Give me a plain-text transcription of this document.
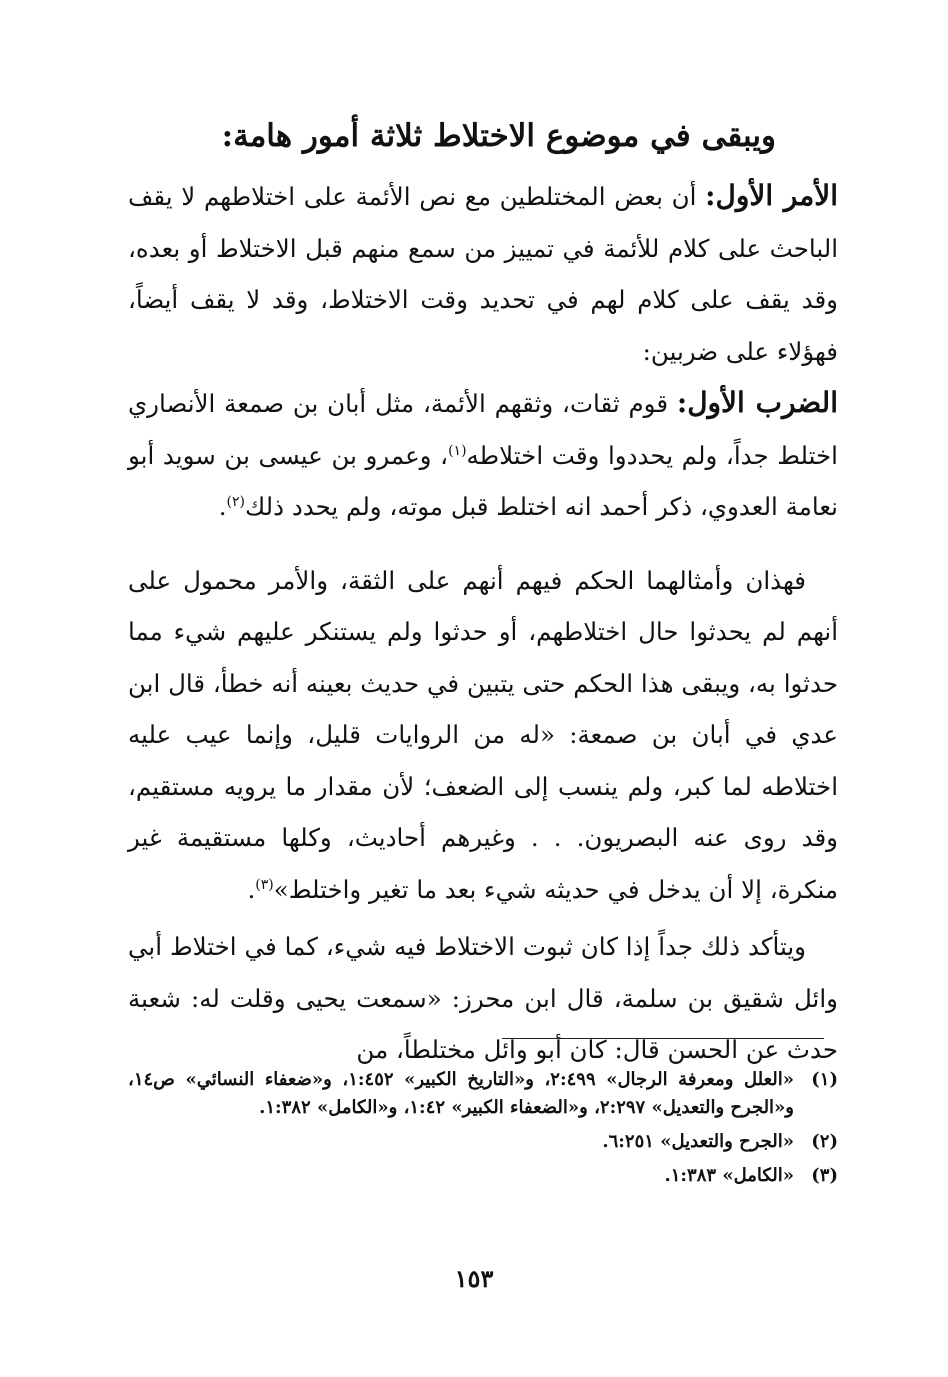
ويبقى في موضوع الاختلاط ثلاثة أمور هامة:

الأمر الأول: أن بعض المختلطين مع نص الأئمة على اختلاطهم لا يقف الباحث على كلام للأئمة في تمييز من سمع منهم قبل الاختلاط أو بعده، وقد يقف على كلام لهم في تحديد وقت الاختلاط، وقد لا يقف أيضاً، فهؤلاء على ضربين:

الضرب الأول: قوم ثقات، وثقهم الأئمة، مثل أبان بن صمعة الأنصاري اختلط جداً، ولم يحددوا وقت اختلاطه$^{(١)}$، وعمرو بن عيسى بن سويد أبو نعامة العدوي، ذكر أحمد انه اختلط قبل موته، ولم يحدد ذلك$^{(٢)}$.

فهذان وأمثالهما الحكم فيهم أنهم على الثقة، والأمر محمول على أنهم لم يحدثوا حال اختلاطهم، أو حدثوا ولم يستنكر عليهم شيء مما حدثوا به، ويبقى هذا الحكم حتى يتبين في حديث بعينه أنه خطأ، قال ابن عدي في أبان بن صمعة: «له من الروايات قليل، وإنما عيب عليه اختلاطه لما كبر، ولم ينسب إلى الضعف؛ لأن مقدار ما يرويه مستقيم، وقد روى عنه البصريون. . . وغيرهم أحاديث، وكلها مستقيمة غير منكرة، إلا أن يدخل في حديثه شيء بعد ما تغير واختلط»$^{(٣)}$.

ويتأكد ذلك جداً إذا كان ثبوت الاختلاط فيه شيء، كما في اختلاط أبي وائل شقيق بن سلمة، قال ابن محرز: «سمعت يحيى وقلت له: شعبة حدث عن الحسن قال: كان أبو وائل مختلطاً، من

(١)
«العلل ومعرفة الرجال» ٢:٤٩٩، و«التاريخ الكبير» ١:٤٥٢، و«ضعفاء النسائي» ص١٤، و«الجرح والتعديل» ٢:٢٩٧، و«الضعفاء الكبير» ١:٤٢، و«الكامل» ١:٣٨٢.
(٢)
«الجرح والتعديل» ٦:٢٥١.
(٣)
«الكامل» ١:٣٨٣.
١٥٣
